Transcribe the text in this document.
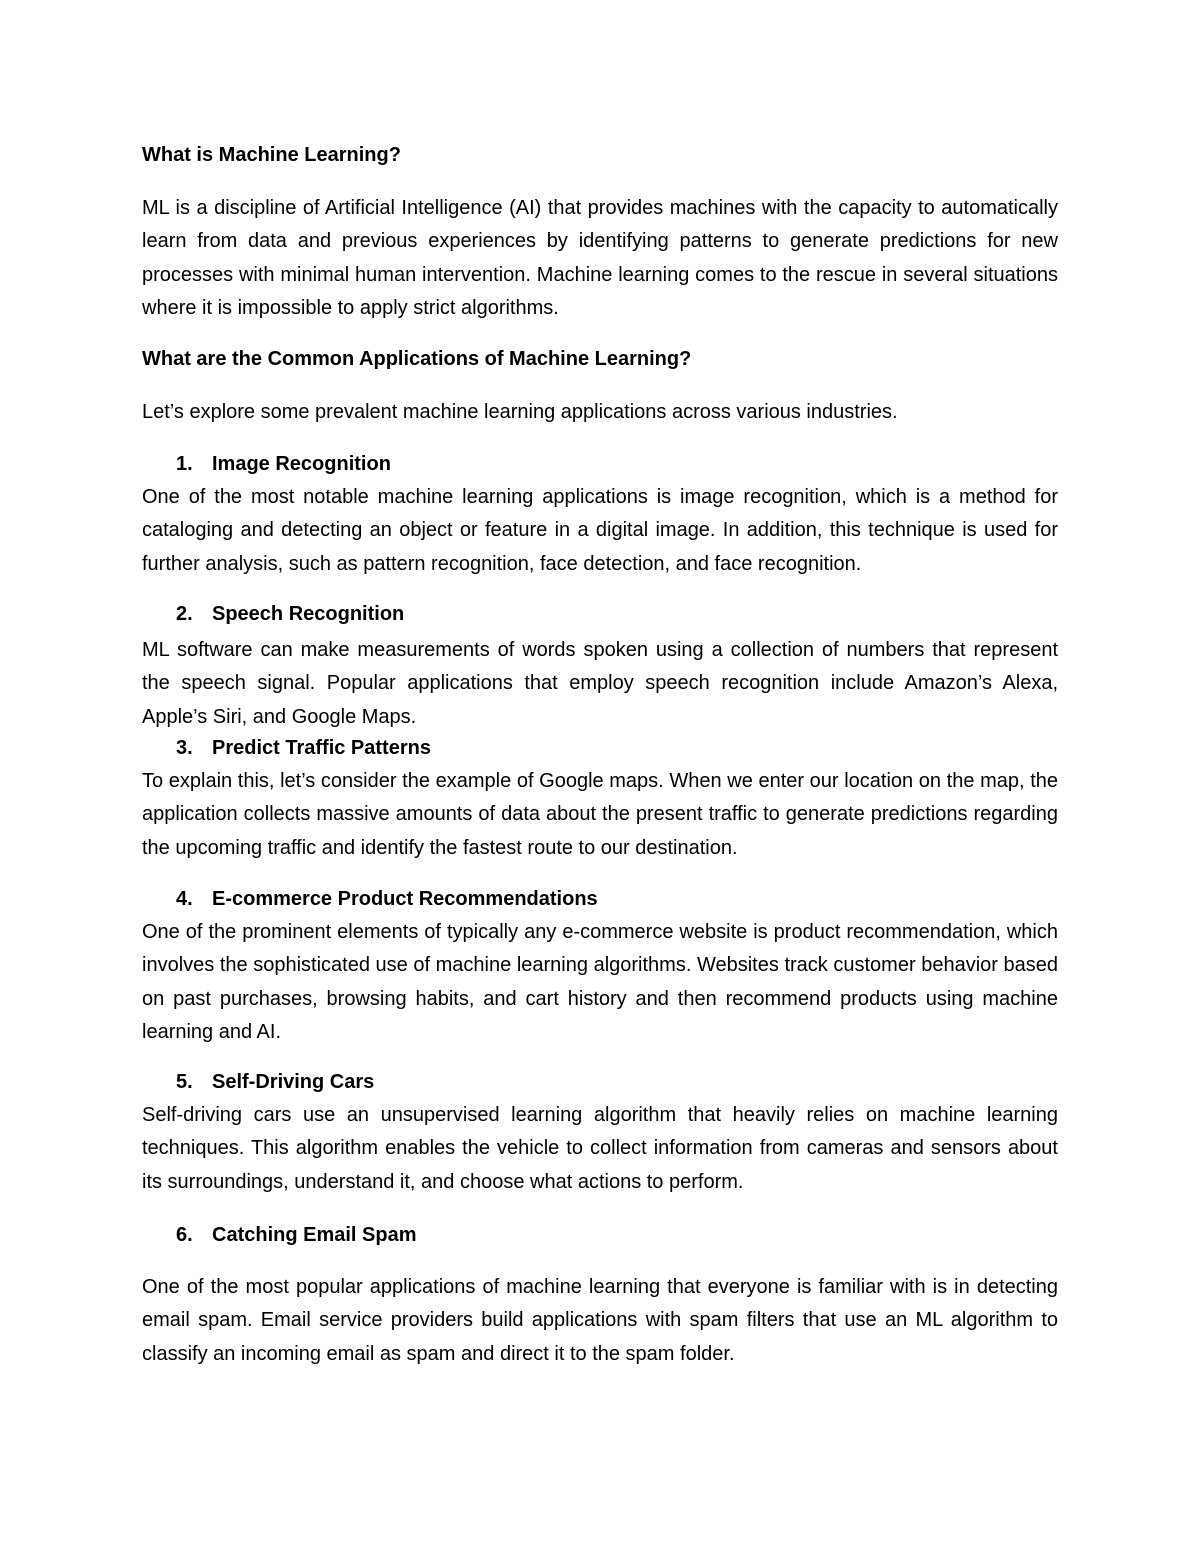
What is Machine Learning?

ML is a discipline of Artificial Intelligence (AI) that provides machines with the capacity to automatically learn from data and previous experiences by identifying patterns to generate predictions for new processes with minimal human intervention. Machine learning comes to the rescue in several situations where it is impossible to apply strict algorithms.

What are the Common Applications of Machine Learning?

Let’s explore some prevalent machine learning applications across various industries.

1. Image Recognition

One of the most notable machine learning applications is image recognition, which is a method for cataloging and detecting an object or feature in a digital image. In addition, this technique is used for further analysis, such as pattern recognition, face detection, and face recognition.

2. Speech Recognition

ML software can make measurements of words spoken using a collection of numbers that represent the speech signal. Popular applications that employ speech recognition include Amazon’s Alexa, Apple’s Siri, and Google Maps.

3. Predict Traffic Patterns

To explain this, let’s consider the example of Google maps. When we enter our location on the map, the application collects massive amounts of data about the present traffic to generate predictions regarding the upcoming traffic and identify the fastest route to our destination.

4. E-commerce Product Recommendations

One of the prominent elements of typically any e-commerce website is product recommendation, which involves the sophisticated use of machine learning algorithms. Websites track customer behavior based on past purchases, browsing habits, and cart history and then recommend products using machine learning and AI.

5. Self-Driving Cars

Self-driving cars use an unsupervised learning algorithm that heavily relies on machine learning techniques. This algorithm enables the vehicle to collect information from cameras and sensors about its surroundings, understand it, and choose what actions to perform.

6. Catching Email Spam

One of the most popular applications of machine learning that everyone is familiar with is in detecting email spam. Email service providers build applications with spam filters that use an ML algorithm to classify an incoming email as spam and direct it to the spam folder.
